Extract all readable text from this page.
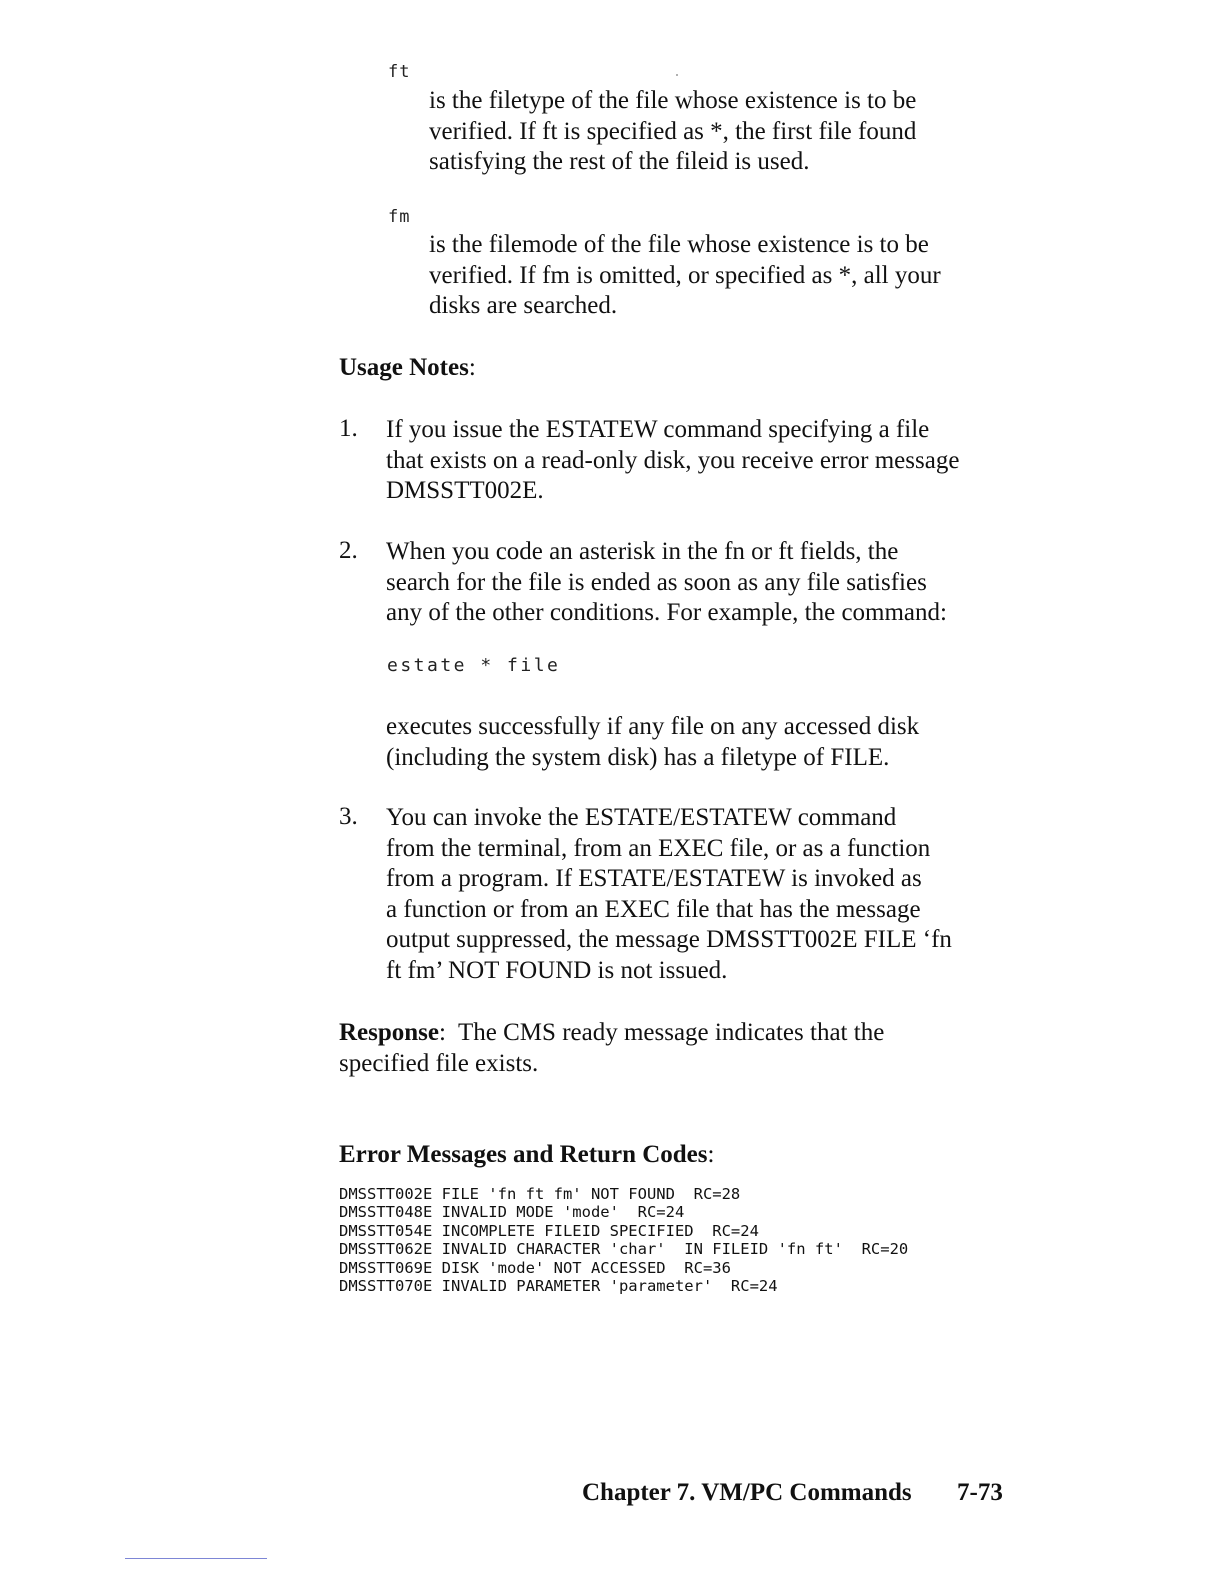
ft
is the filetype of the file whose existence is to be
verified. If ft is specified as *, the first file found
satisfying the rest of the fileid is used.
fm
is the filemode of the file whose existence is to be
verified. If fm is omitted, or specified as *, all your
disks are searched.
Usage Notes:
1. If you issue the ESTATEW command specifying a file
that exists on a read-only disk, you receive error message
DMSSTT002E.
2. When you code an asterisk in the fn or ft fields, the
search for the file is ended as soon as any file satisfies
any of the other conditions. For example, the command:
estate * file
executes successfully if any file on any accessed disk
(including the system disk) has a filetype of FILE.
3. You can invoke the ESTATE/ESTATEW command
from the terminal, from an EXEC file, or as a function
from a program. If ESTATE/ESTATEW is invoked as
a function or from an EXEC file that has the message
output suppressed, the message DMSSTT002E FILE ‘fn
ft fm’ NOT FOUND is not issued.
Response:  The CMS ready message indicates that the
specified file exists.
Error Messages and Return Codes:
DMSSTT002E FILE 'fn ft fm' NOT FOUND  RC=28
DMSSTT048E INVALID MODE 'mode'  RC=24
DMSSTT054E INCOMPLETE FILEID SPECIFIED  RC=24
DMSSTT062E INVALID CHARACTER 'char'  IN FILEID 'fn ft'  RC=20
DMSSTT069E DISK 'mode' NOT ACCESSED  RC=36
DMSSTT070E INVALID PARAMETER 'parameter'  RC=24
Chapter 7. VM/PC Commands 7-73
